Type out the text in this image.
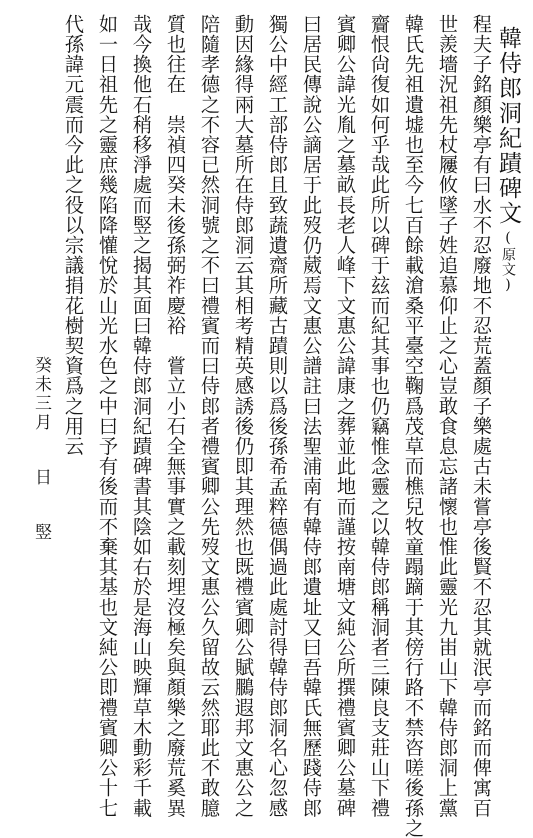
韓侍郎洞紀蹟碑文(原文)
程夫子銘顏樂亭有曰水不忍廢地不忍荒蓋顏子樂處古未嘗亭後賢不忍其就泯亭而銘而俾寓百
世羨墻況祖先杖屨攸墜子姓追慕仰止之心豈敢食息忘諸懷也惟此靈光九峀山下韓侍郎洞上黨
韓氏先祖遺墟也至今七百餘載滄桑平臺空鞠爲茂草而樵兒牧童蹋蹢于其傍行路不禁咨嗟後孫之
齎恨尙復如何乎哉此所以碑于玆而紀其事也仍竊惟念靈之以韓侍郎稱洞者三陳良支莊山下禮
賓卿公諱光胤之墓畝長老人峰下文惠公諱康之葬並此地而謹按南塘文純公所撰禮賓卿公墓碑
曰居民傳說公謫居于此歿仍葳焉文惠公譜註曰法聖浦南有韓侍郎遺址又曰吾韓氏無歷踐侍郎
獨公中經工部侍郎且致蔬遺齋所藏古蹟則以爲後孫希孟粹德偶過此處討得韓侍郎洞名心忽感
動因緣得兩大墓所在侍郎洞云其相考精英感誘後仍即其理然也既禮賓卿公賦鵩遐邦文惠公之
陪隨孝德之不容已然洞號之不曰禮賓而曰侍郎者禮賓卿公先歿文惠公久留故云然耶此不敢臆
質也往在　崇禎四癸未後孫弼祚慶裕　嘗立小石全無事實之載刻埋沒極矣與顏樂之廢荒奚異
哉今換他石稍移淨處而竪之揭其面曰韓侍郎洞紀蹟碑書其陰如右於是海山映輝草木動彩千載
如一日祖先之靈庶幾陷降懽悅於山光水色之中曰予有後而不棄其基也文純公即禮賓卿公十七
代孫諱元震而今此之役以宗議捐花樹契資爲之用云
癸未三月日竪
